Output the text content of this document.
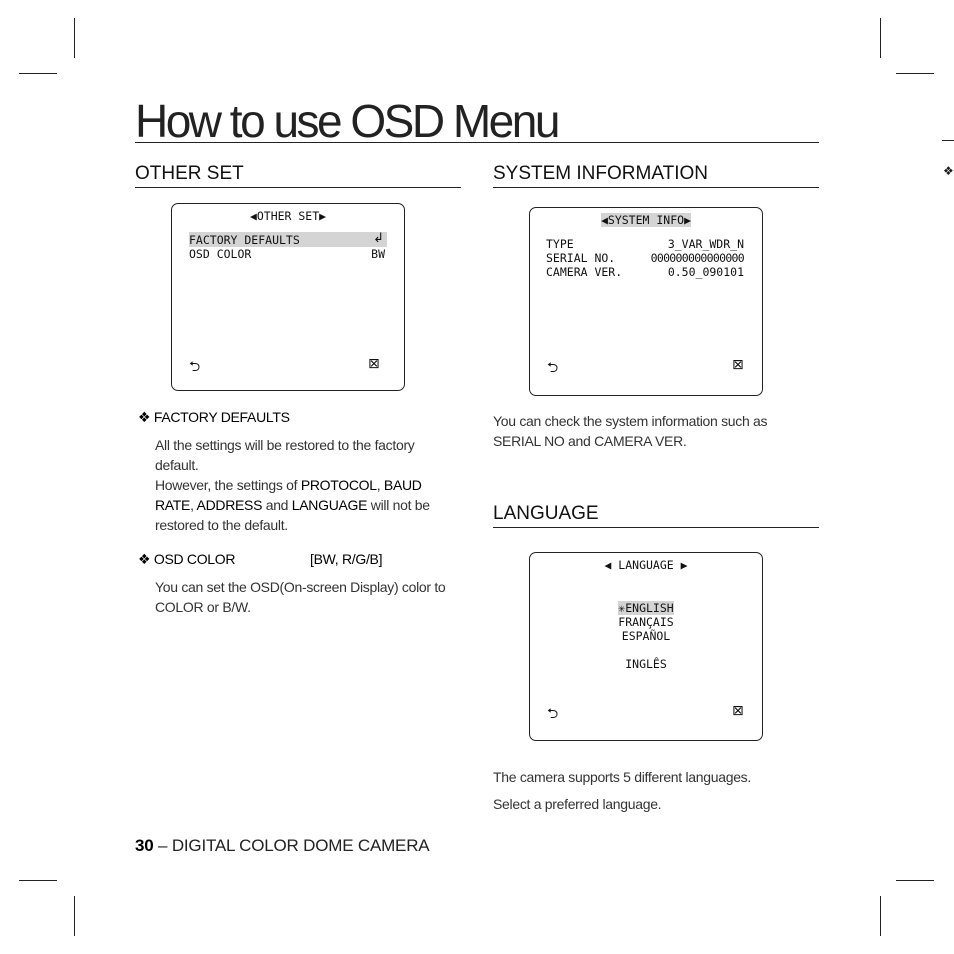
❖
How to use OSD Menu
OTHER SET
◀OTHER SET▶
FACTORY DEFAULTS	↲
OSD COLOR	BW
⮌	⊠
❖ FACTORY DEFAULTS
All the settings will be restored to the factory
default.
However, the settings of PROTOCOL, BAUD
RATE, ADDRESS and LANGUAGE will not be
restored to the default.
❖ OSD COLOR	[BW, R/G/B]
You can set the OSD(On-screen Display) color to
COLOR or B/W.
SYSTEM INFORMATION
◀SYSTEM INFO▶
TYPE	3_VAR_WDR_N
SERIAL NO.	000000000000000
CAMERA VER.	0.50_090101
⮌	⊠
You can check the system information such as
SERIAL NO and CAMERA VER.
LANGUAGE
◀ LANGUAGE ▶
✳ENGLISH
FRANÇAIS
ESPAÑOL
INGLÊS
⮌	⊠
The camera supports 5 different languages.
Select a preferred language.
30 – DIGITAL COLOR DOME CAMERA
